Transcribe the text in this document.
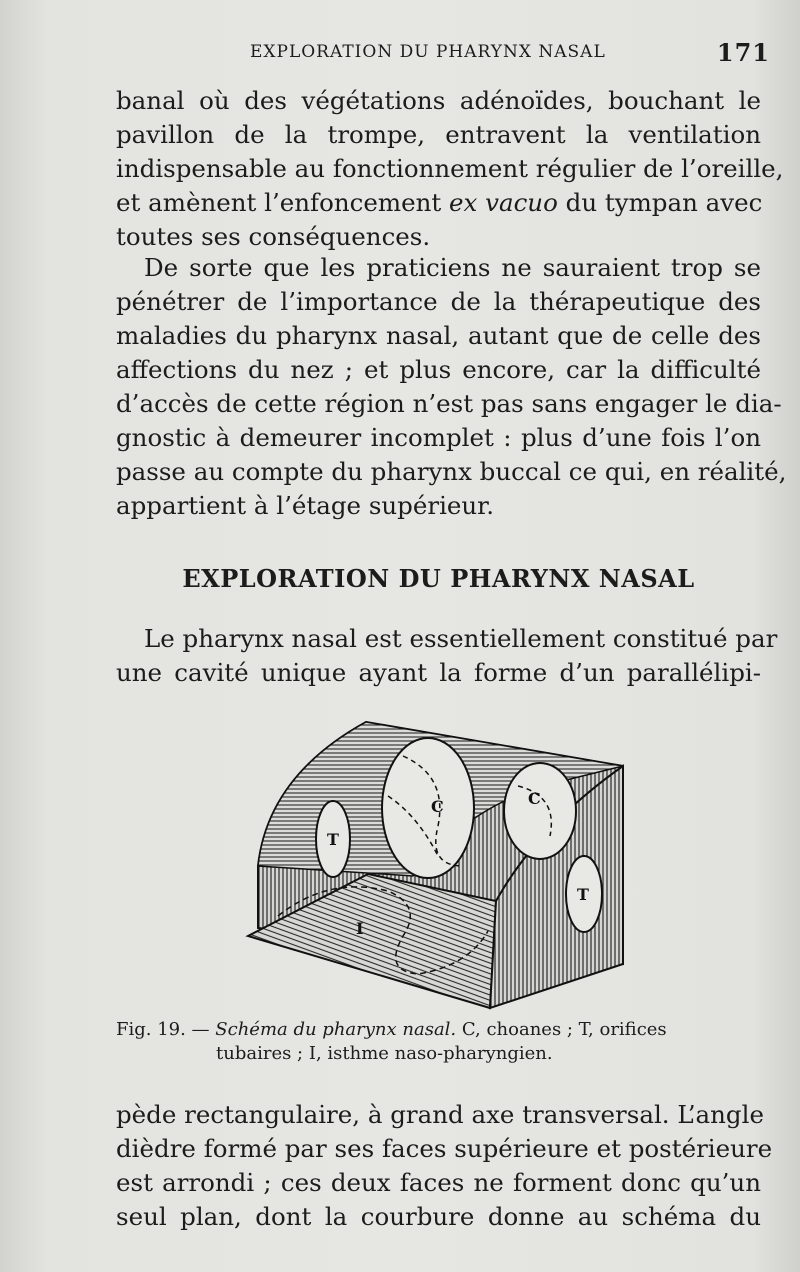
EXPLORATION DU PHARYNX NASAL	171

banal où des végétations adénoïdes, bouchant le
pavillon de la trompe, entravent la ventilation
indispensable au fonctionnement régulier de l’oreille,
et amènent l’enfoncement ex vacuo du tympan avec
toutes ses conséquences.

De sorte que les praticiens ne sauraient trop se
pénétrer de l’importance de la thérapeutique des
maladies du pharynx nasal, autant que de celle des
affections du nez ; et plus encore, car la difficulté
d’accès de cette région n’est pas sans engager le dia-
gnostic à demeurer incomplet : plus d’une fois l’on
passe au compte du pharynx buccal ce qui, en réalité,
appartient à l’étage supérieur.

EXPLORATION DU PHARYNX NASAL

Le pharynx nasal est essentiellement constitué par
une cavité unique ayant la forme d’un parallélipi-

C	C
T
T
I
Fig. 19. — Schéma du pharynx nasal. C, choanes ; T, orifices
tubaires ; I, isthme naso-pharyngien.

pède rectangulaire, à grand axe transversal. L’angle
dièdre formé par ses faces supérieure et postérieure
est arrondi ; ces deux faces ne forment donc qu’un
seul plan, dont la courbure donne au schéma du
